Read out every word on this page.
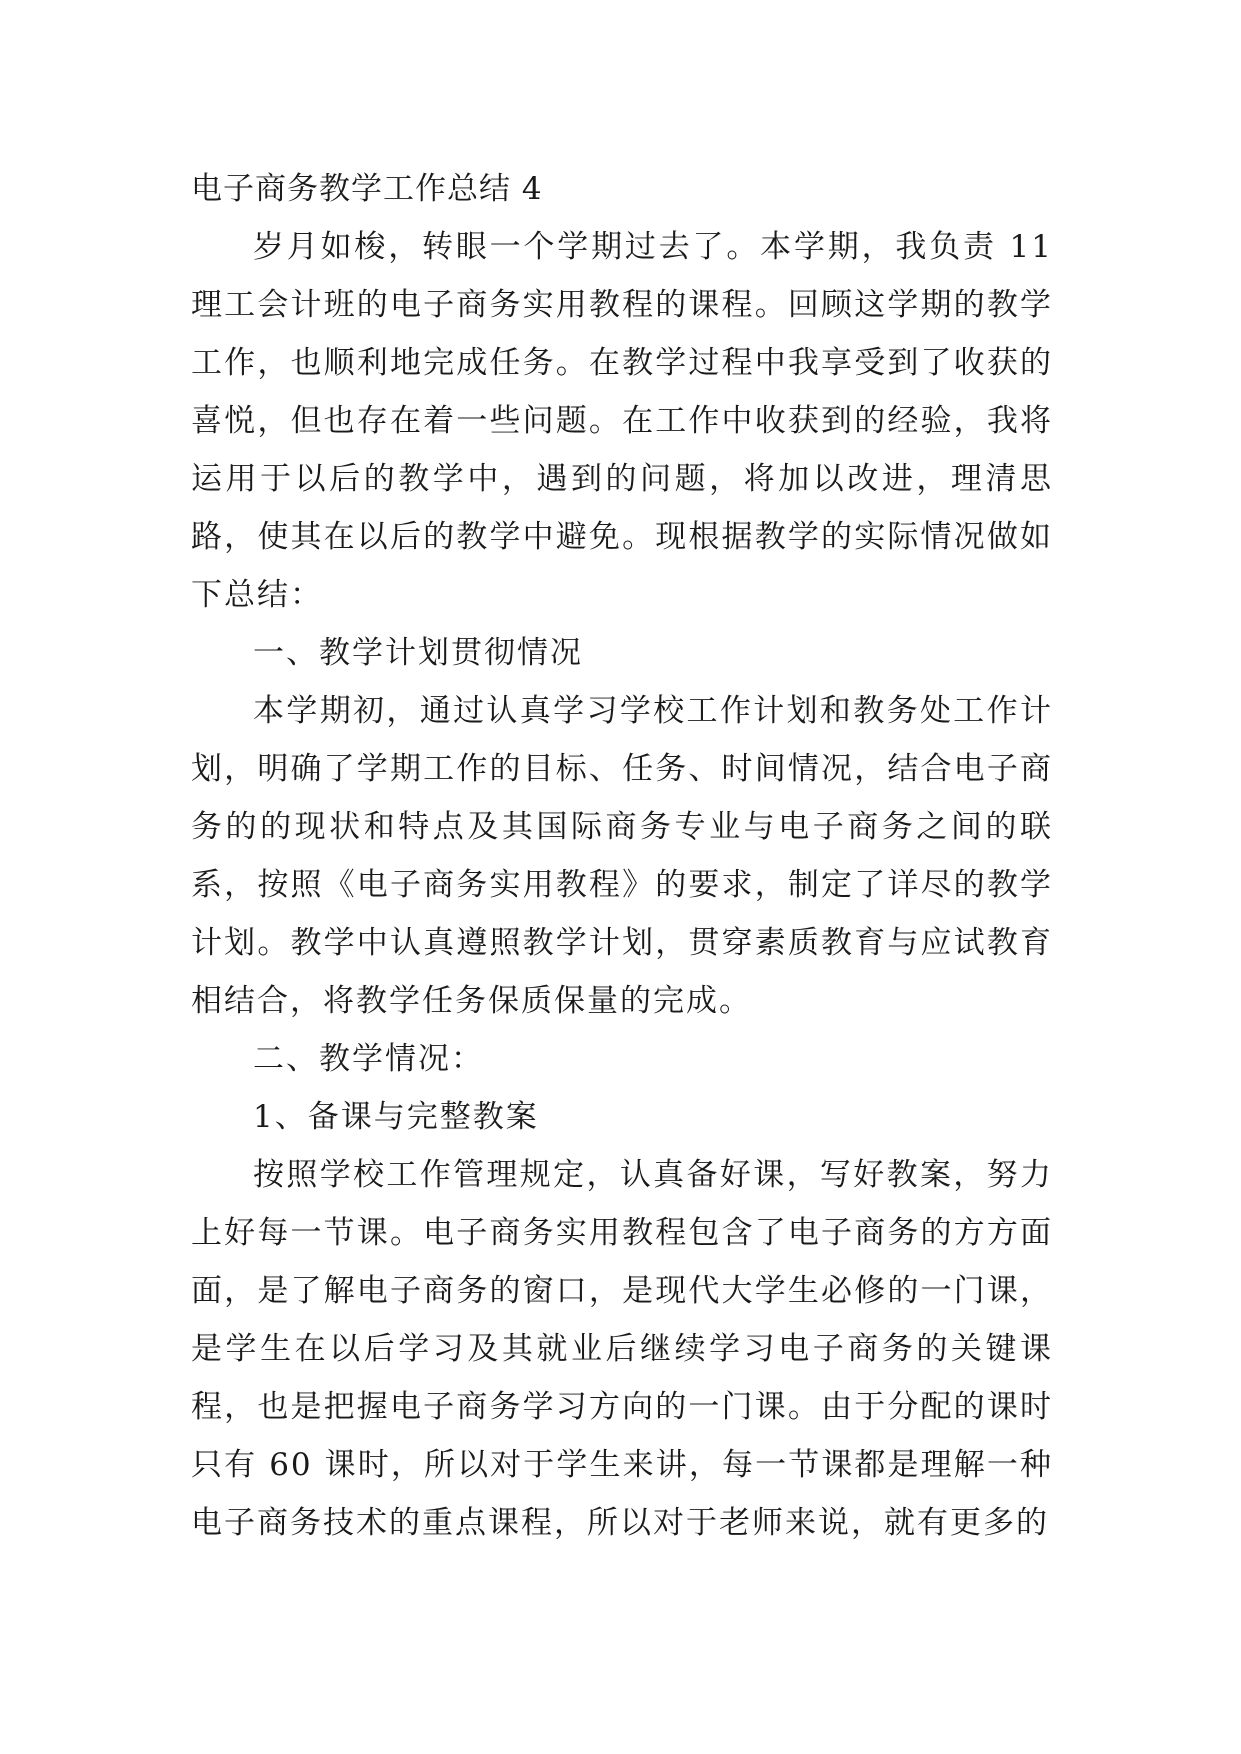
电子商务教学工作总结 4

岁月如梭，转眼一个学期过去了。本学期，我负责 11 理工会计班的电子商务实用教程的课程。回顾这学期的教学工作，也顺利地完成任务。在教学过程中我享受到了收获的喜悦，但也存在着一些问题。在工作中收获到的经验，我将运用于以后的教学中，遇到的问题，将加以改进，理清思路，使其在以后的教学中避免。现根据教学的实际情况做如下总结：

一、教学计划贯彻情况

本学期初，通过认真学习学校工作计划和教务处工作计划，明确了学期工作的目标、任务、时间情况，结合电子商务的的现状和特点及其国际商务专业与电子商务之间的联系，按照《电子商务实用教程》的要求，制定了详尽的教学计划。教学中认真遵照教学计划，贯穿素质教育与应试教育相结合，将教学任务保质保量的完成。

二、教学情况：

1、备课与完整教案

按照学校工作管理规定，认真备好课，写好教案，努力上好每一节课。电子商务实用教程包含了电子商务的方方面面，是了解电子商务的窗口，是现代大学生必修的一门课，是学生在以后学习及其就业后继续学习电子商务的关键课程，也是把握电子商务学习方向的一门课。由于分配的课时只有 60 课时，所以对于学生来讲，每一节课都是理解一种电子商务技术的重点课程，所以对于老师来说，就有更多的
